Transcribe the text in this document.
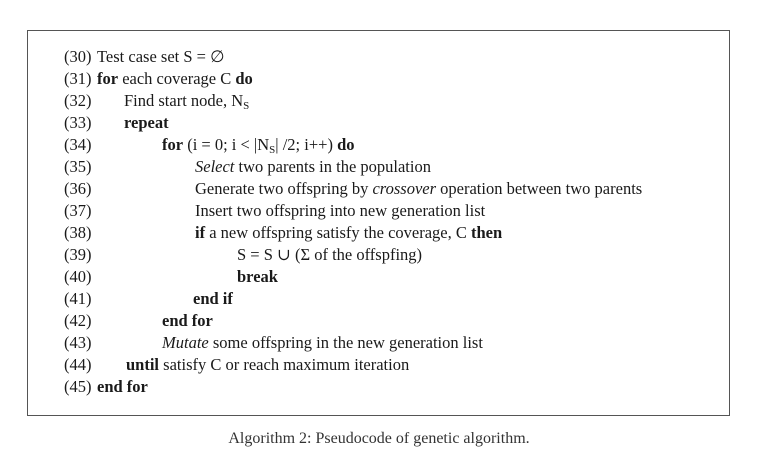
(30) Test case set S = ∅
(31) for each coverage C do
(32) Find start node, $N_S$
(33) repeat
(34)	for (i = 0; $i < |N_S|$ /2; i++) do
(35)	Select two parents in the population
(36)	Generate two offspring by crossover operation between two parents
(37)	Insert two offspring into new generation list
(38)	if a new offspring satisfy the coverage, C then
(39)	S = S ∪ (Σ of the offspfing)
(40)	break
(41)	end if
(42)	end for
(43)	Mutate some offspring in the new generation list
(44) until satisfy C or reach maximum iteration
(45) end for
Algorithm 2: Pseudocode of genetic algorithm.
